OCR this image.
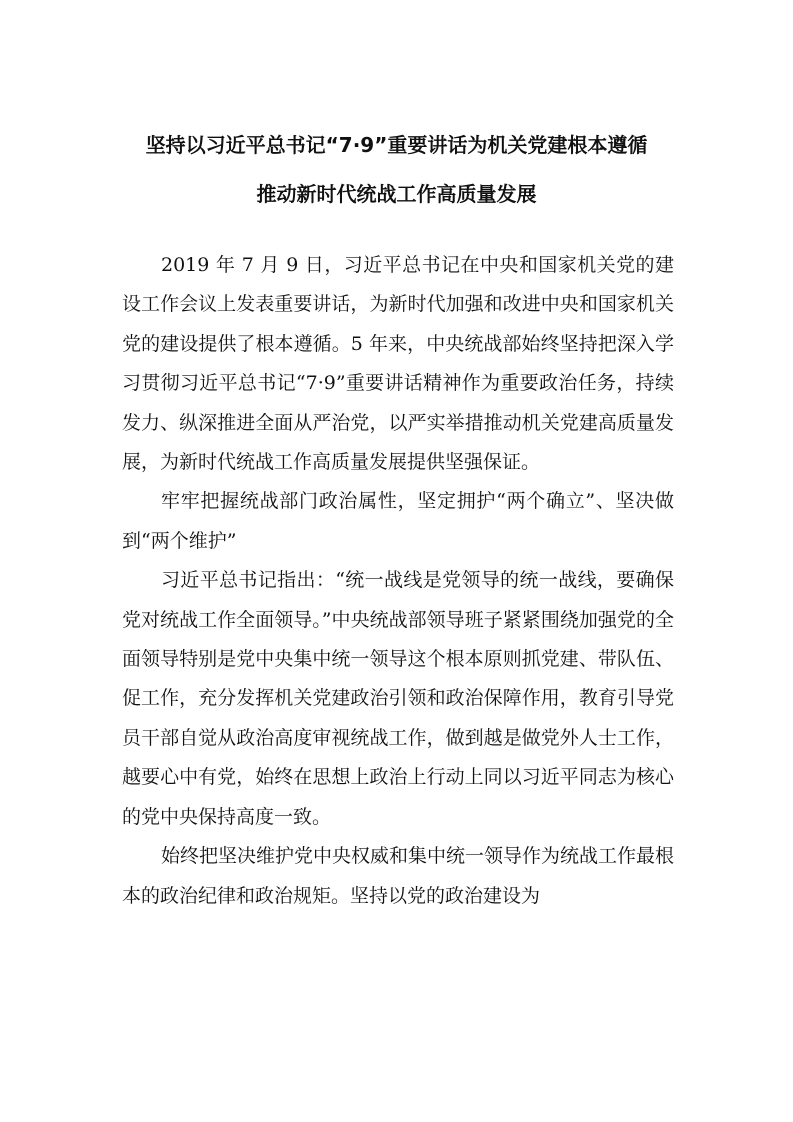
坚持以习近平总书记“7·9”重要讲话为机关党建根本遵循
推动新时代统战工作高质量发展

2019 年 7 月 9 日，习近平总书记在中央和国家机关党的建设工作会议上发表重要讲话，为新时代加强和改进中央和国家机关党的建设提供了根本遵循。5 年来，中央统战部始终坚持把深入学习贯彻习近平总书记“7·9”重要讲话精神作为重要政治任务，持续发力、纵深推进全面从严治党，以严实举措推动机关党建高质量发展，为新时代统战工作高质量发展提供坚强保证。

牢牢把握统战部门政治属性，坚定拥护“两个确立”、坚决做到“两个维护”

习近平总书记指出：“统一战线是党领导的统一战线，要确保党对统战工作全面领导。”中央统战部领导班子紧紧围绕加强党的全面领导特别是党中央集中统一领导这个根本原则抓党建、带队伍、促工作，充分发挥机关党建政治引领和政治保障作用，教育引导党员干部自觉从政治高度审视统战工作，做到越是做党外人士工作，越要心中有党，始终在思想上政治上行动上同以习近平同志为核心的党中央保持高度一致。

始终把坚决维护党中央权威和集中统一领导作为统战工作最根本的政治纪律和政治规矩。坚持以党的政治建设为
